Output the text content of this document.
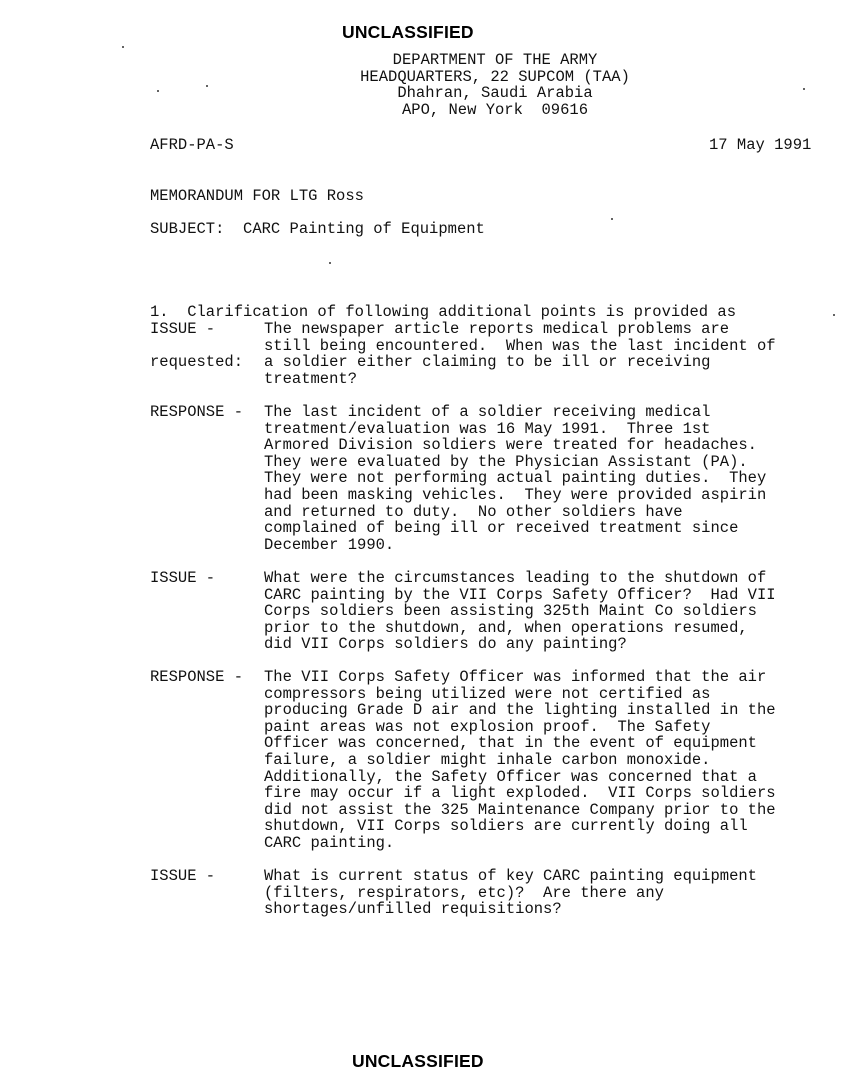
UNCLASSIFIED
DEPARTMENT OF THE ARMY
HEADQUARTERS, 22 SUPCOM (TAA)
Dhahran, Saudi Arabia
APO, New York  09616
AFRD-PA-S	17 May 1991
MEMORANDUM FOR LTG Ross
SUBJECT:  CARC Painting of Equipment

1.  Clarification of following additional points is provided as

requested:

ISSUE -	The newspaper article reports medical problems are
still being encountered.  When was the last incident of
a soldier either claiming to be ill or receiving
treatment?
RESPONSE - The last incident of a soldier receiving medical
treatment/evaluation was 16 May 1991.  Three 1st
Armored Division soldiers were treated for headaches.
They were evaluated by the Physician Assistant (PA).
They were not performing actual painting duties.  They
had been masking vehicles.  They were provided aspirin
and returned to duty.  No other soldiers have
complained of being ill or received treatment since
December 1990.
ISSUE -	What were the circumstances leading to the shutdown of
CARC painting by the VII Corps Safety Officer?  Had VII
Corps soldiers been assisting 325th Maint Co soldiers
prior to the shutdown, and, when operations resumed,
did VII Corps soldiers do any painting?
RESPONSE - The VII Corps Safety Officer was informed that the air
compressors being utilized were not certified as
producing Grade D air and the lighting installed in the
paint areas was not explosion proof.  The Safety
Officer was concerned, that in the event of equipment
failure, a soldier might inhale carbon monoxide.
Additionally, the Safety Officer was concerned that a
fire may occur if a light exploded.  VII Corps soldiers
did not assist the 325 Maintenance Company prior to the
shutdown, VII Corps soldiers are currently doing all
CARC painting.
ISSUE -	What is current status of key CARC painting equipment
(filters, respirators, etc)?  Are there any
shortages/unfilled requisitions?
UNCLASSIFIED
